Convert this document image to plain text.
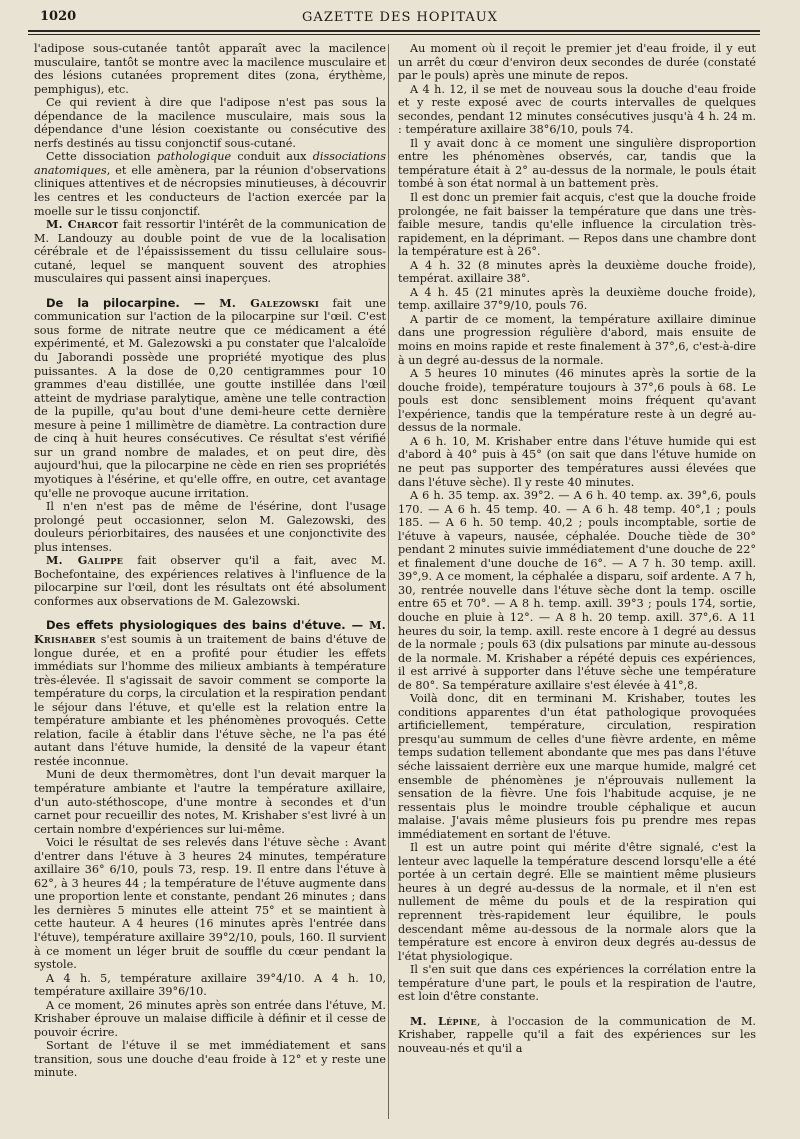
1020	GAZETTE DES HOPITAUX

l'adipose sous-cutanée tantôt apparaît avec la macilence musculaire, tantôt se montre avec la macilence musculaire et des lésions cutanées proprement dites (zona, érythème, pemphigus), etc.

Ce qui revient à dire que l'adipose n'est pas sous la dépendance de la macilence musculaire, mais sous la dépendance d'une lésion coexistante ou consécutive des nerfs destinés au tissu conjonctif sous-cutané.

Cette dissociation pathologique conduit aux dissociations anatomiques, et elle amènera, par la réunion d'observations cliniques attentives et de nécropsies minutieuses, à découvrir les centres et les conducteurs de l'action exercée par la moelle sur le tissu conjonctif.

M. Charcot fait ressortir l'intérêt de la communication de M. Landouzy au double point de vue de la localisation cérébrale et de l'épaississement du tissu cellulaire sous-cutané, lequel se manquent souvent des atrophies musculaires qui passent ainsi inaperçues.

De la pilocarpine. — M. Galezowski fait une communication sur l'action de la pilocarpine sur l'œil. C'est sous forme de nitrate neutre que ce médicament a été expérimenté, et M. Galezowski a pu constater que l'alcaloïde du Jaborandi possède une propriété myotique des plus puissantes. A la dose de 0,20 centigrammes pour 10 grammes d'eau distillée, une goutte instillée dans l'œil atteint de mydriase paralytique, amène une telle contraction de la pupille, qu'au bout d'une demi-heure cette dernière mesure à peine 1 millimètre de diamètre. La contraction dure de cinq à huit heures consécutives. Ce résultat s'est vérifié sur un grand nombre de malades, et on peut dire, dès aujourd'hui, que la pilocarpine ne cède en rien ses propriétés myotiques à l'ésérine, et qu'elle offre, en outre, cet avantage qu'elle ne provoque aucune irritation.

Il n'en n'est pas de même de l'ésérine, dont l'usage prolongé peut occasionner, selon M. Galezowski, des douleurs périorbitaires, des nausées et une conjonctivite des plus intenses.

M. Galippe fait observer qu'il a fait, avec M. Bochefontaine, des expériences relatives à l'influence de la pilocarpine sur l'œil, dont les résultats ont été absolument conformes aux observations de M. Galezowski.

Des effets physiologiques des bains d'étuve. — M. Krishaber s'est soumis à un traitement de bains d'étuve de longue durée, et en a profité pour étudier les effets immédiats sur l'homme des milieux ambiants à température très-élevée. Il s'agissait de savoir comment se comporte la température du corps, la circulation et la respiration pendant le séjour dans l'étuve, et qu'elle est la relation entre la température ambiante et les phénomènes provoqués. Cette relation, facile à établir dans l'étuve sèche, ne l'a pas été autant dans l'étuve humide, la densité de la vapeur étant restée inconnue.

Muni de deux thermomètres, dont l'un devait marquer la température ambiante et l'autre la température axillaire, d'un auto-stéthoscope, d'une montre à secondes et d'un carnet pour recueillir des notes, M. Krishaber s'est livré à un certain nombre d'expériences sur lui-même.

Voici le résultat de ses relevés dans l'étuve sèche : Avant d'entrer dans l'étuve à 3 heures 24 minutes, température axillaire 36° 6/10, pouls 73, resp. 19. Il entre dans l'étuve à 62°, à 3 heures 44 ; la température de l'étuve augmente dans une proportion lente et constante, pendant 26 minutes ; dans les dernières 5 minutes elle atteint 75° et se maintient à cette hauteur. A 4 heures (16 minutes après l'entrée dans l'étuve), température axillaire 39°2/10, pouls, 160. Il survient à ce moment un léger bruit de souffle du cœur pendant la systole.

A 4 h. 5, température axillaire 39°4/10. A 4 h. 10, température axillaire 39°6/10.

A ce moment, 26 minutes après son entrée dans l'étuve, M. Krishaber éprouve un malaise difficile à définir et il cesse de pouvoir écrire.

Sortant de l'étuve il se met immédiatement et sans transition, sous une douche d'eau froide à 12° et y reste une minute.

Au moment où il reçoit le premier jet d'eau froide, il y eut un arrêt du cœur d'environ deux secondes de durée (constaté par le pouls) après une minute de repos.

A 4 h. 12, il se met de nouveau sous la douche d'eau froide et y reste exposé avec de courts intervalles de quelques secondes, pendant 12 minutes consécutives jusqu'à 4 h. 24 m. : température axillaire 38°6/10, pouls 74.

Il y avait donc à ce moment une singulière disproportion entre les phénomènes observés, car, tandis que la température était à 2° au-dessus de la normale, le pouls était tombé à son état normal à un battement près.

Il est donc un premier fait acquis, c'est que la douche froide prolongée, ne fait baisser la température que dans une très-faible mesure, tandis qu'elle influence la circulation très-rapidement, en la déprimant. — Repos dans une chambre dont la température est à 26°.

A 4 h. 32 (8 minutes après la deuxième douche froide), températ. axillaire 38°.

A 4 h. 45 (21 minutes après la deuxième douche froide), temp. axillaire 37°9/10, pouls 76.

A partir de ce moment, la température axillaire diminue dans une progression régulière d'abord, mais ensuite de moins en moins rapide et reste finalement à 37°,6, c'est-à-dire à un degré au-dessus de la normale.

A 5 heures 10 minutes (46 minutes après la sortie de la douche froide), température toujours à 37°,6 pouls à 68. Le pouls est donc sensiblement moins fréquent qu'avant l'expérience, tandis que la température reste à un degré au-dessus de la normale.

A 6 h. 10, M. Krishaber entre dans l'étuve humide qui est d'abord à 40° puis à 45° (on sait que dans l'étuve humide on ne peut pas supporter des températures aussi élevées que dans l'étuve sèche). Il y reste 40 minutes.

A 6 h. 35 temp. ax. 39°2. — A 6 h. 40 temp. ax. 39°,6, pouls 170. — A 6 h. 45 temp. 40. — A 6 h. 48 temp. 40°,1 ; pouls 185. — A 6 h. 50 temp. 40,2 ; pouls incomptable, sortie de l'étuve à vapeurs, nausée, céphalée. Douche tiède de 30° pendant 2 minutes suivie immédiatement d'une douche de 22° et finalement d'une douche de 16°. — A 7 h. 30 temp. axill. 39°,9. A ce moment, la céphalée a disparu, soif ardente. A 7 h, 30, rentrée nouvelle dans l'étuve sèche dont la temp. oscille entre 65 et 70°. — A 8 h. temp. axill. 39°3 ; pouls 174, sortie, douche en pluie à 12°. — A 8 h. 20 temp. axill. 37°,6. A 11 heures du soir, la temp. axill. reste encore à 1 degré au dessus de la normale ; pouls 63 (dix pulsations par minute au-dessous de la normale. M. Krishaber a répété depuis ces expériences, il est arrivé à supporter dans l'étuve sèche une température de 80°. Sa température axillaire s'est élevée à 41°,8.

Voilà donc, dit en terminani M. Krishaber, toutes les conditions apparentes d'un état pathologique provoquées artificiellement, température, circulation, respiration presqu'au summum de celles d'une fièvre ardente, en même temps sudation tellement abondante que mes pas dans l'étuve séche laissaient derrière eux une marque humide, malgré cet ensemble de phénomènes je n'éprouvais nullement la sensation de la fièvre. Une fois l'habitude acquise, je ne ressentais plus le moindre trouble céphalique et aucun malaise. J'avais même plusieurs fois pu prendre mes repas immédiatement en sortant de l'étuve.

Il est un autre point qui mérite d'être signalé, c'est la lenteur avec laquelle la température descend lorsqu'elle a été portée à un certain degré. Elle se maintient même plusieurs heures à un degré au-dessus de la normale, et il n'en est nullement de même du pouls et de la respiration qui reprennent très-rapidement leur équilibre, le pouls descendant même au-dessous de la normale alors que la température est encore à environ deux degrés au-dessus de l'état physiologique.

Il s'en suit que dans ces expériences la corrélation entre la température d'une part, le pouls et la respiration de l'autre, est loin d'être constante.

M. Lépine, à l'occasion de la communication de M. Krishaber, rappelle qu'il a fait des expériences sur les nouveau-nés et qu'il a
